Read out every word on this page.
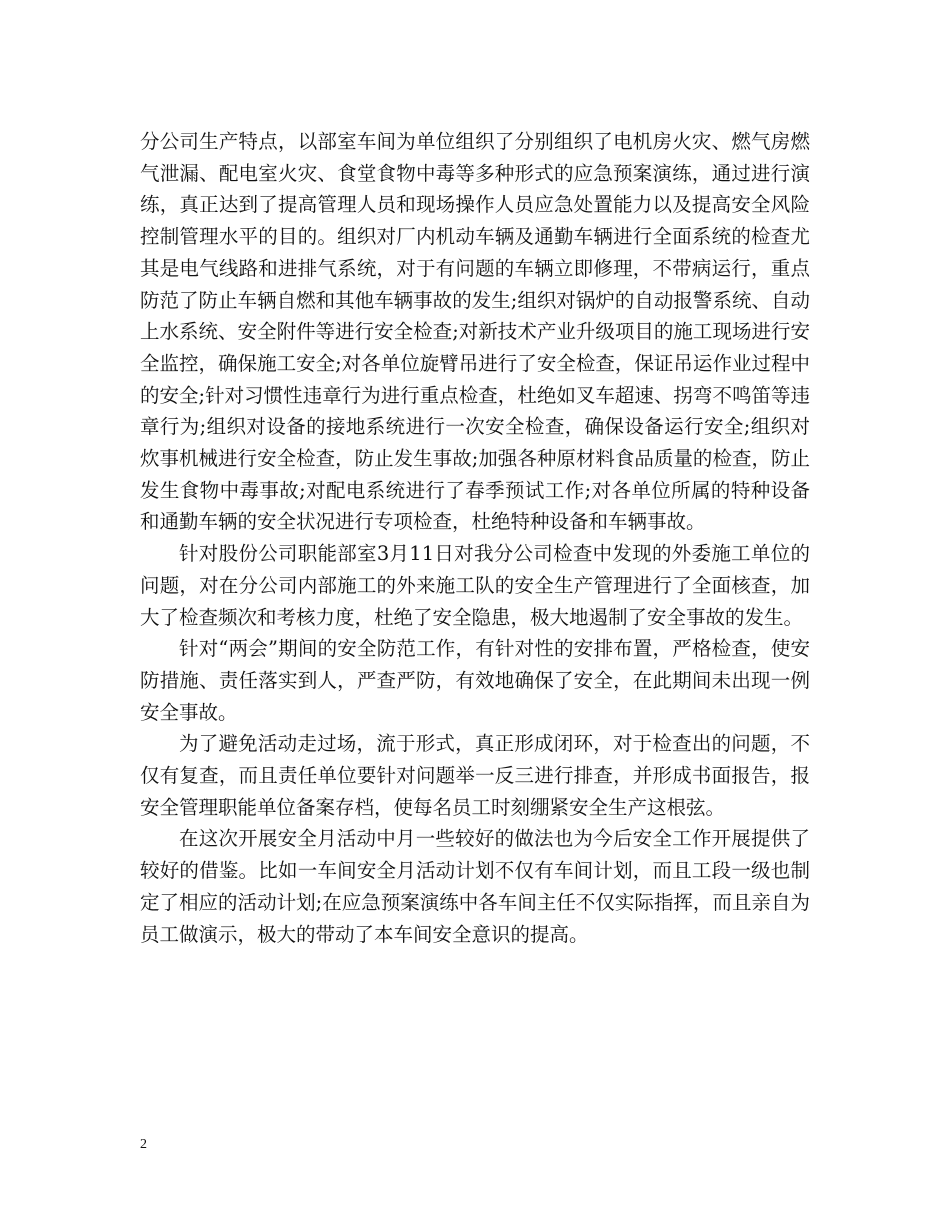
分公司生产特点，以部室车间为单位组织了分别组织了电机房火灾、燃气房燃气泄漏、配电室火灾、食堂食物中毒等多种形式的应急预案演练，通过进行演练，真正达到了提高管理人员和现场操作人员应急处置能力以及提高安全风险控制管理水平的目的。组织对厂内机动车辆及通勤车辆进行全面系统的检查尤其是电气线路和进排气系统，对于有问题的车辆立即修理，不带病运行，重点防范了防止车辆自燃和其他车辆事故的发生;组织对锅炉的自动报警系统、自动上水系统、安全附件等进行安全检查;对新技术产业升级项目的施工现场进行安全监控，确保施工安全;对各单位旋臂吊进行了安全检查，保证吊运作业过程中的安全;针对习惯性违章行为进行重点检查，杜绝如叉车超速、拐弯不鸣笛等违章行为;组织对设备的接地系统进行一次安全检查，确保设备运行安全;组织对炊事机械进行安全检查，防止发生事故;加强各种原材料食品质量的检查，防止发生食物中毒事故;对配电系统进行了春季预试工作;对各单位所属的特种设备和通勤车辆的安全状况进行专项检查，杜绝特种设备和车辆事故。

针对股份公司职能部室3月11日对我分公司检查中发现的外委施工单位的问题，对在分公司内部施工的外来施工队的安全生产管理进行了全面核查，加大了检查频次和考核力度，杜绝了安全隐患，极大地遏制了安全事故的发生。

针对“两会”期间的安全防范工作，有针对性的安排布置，严格检查，使安防措施、责任落实到人，严查严防，有效地确保了安全，在此期间未出现一例安全事故。

为了避免活动走过场，流于形式，真正形成闭环，对于检查出的问题，不仅有复查，而且责任单位要针对问题举一反三进行排查，并形成书面报告，报安全管理职能单位备案存档，使每名员工时刻绷紧安全生产这根弦。

在这次开展安全月活动中月一些较好的做法也为今后安全工作开展提供了较好的借鉴。比如一车间安全月活动计划不仅有车间计划，而且工段一级也制定了相应的活动计划;在应急预案演练中各车间主任不仅实际指挥，而且亲自为员工做演示，极大的带动了本车间安全意识的提高。

2
